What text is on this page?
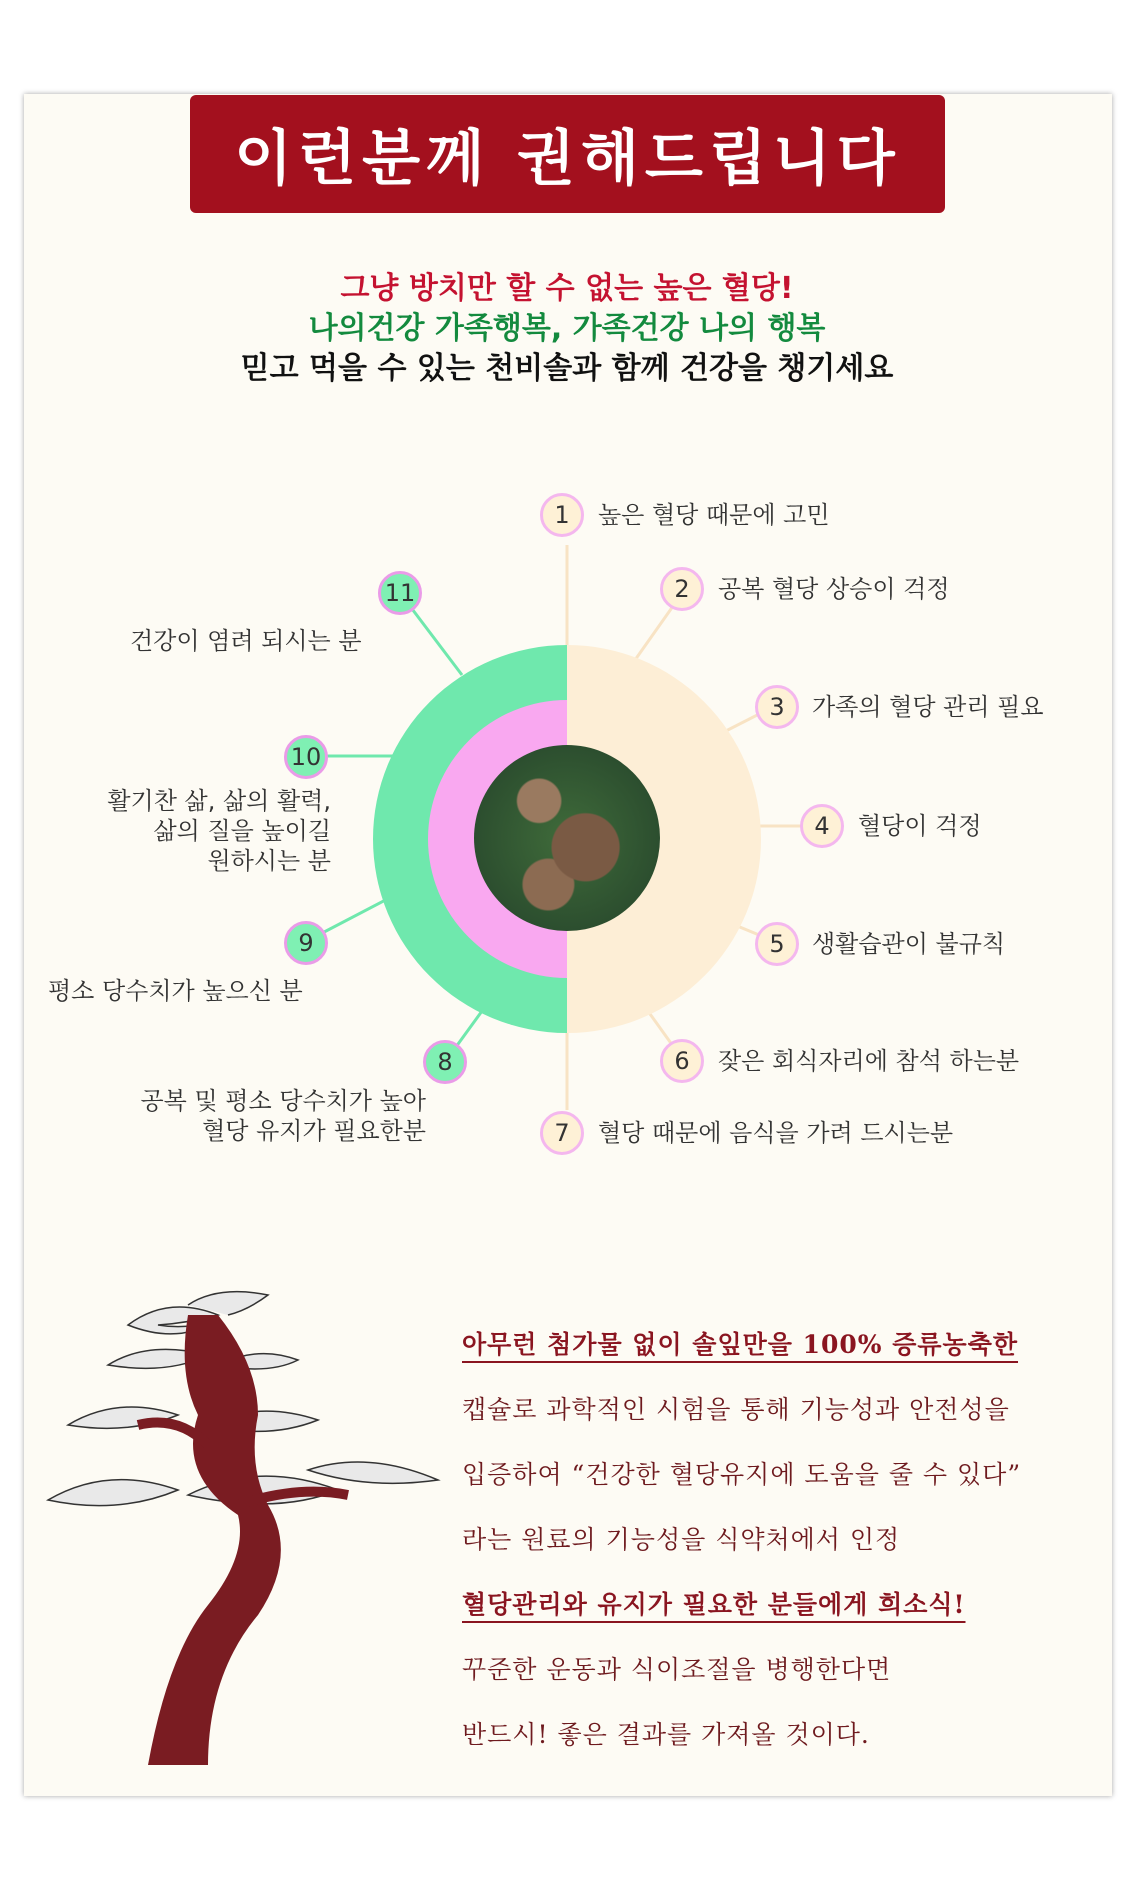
이런분께 권해드립니다
그냥 방치만 할 수 없는 높은 혈당!
나의건강 가족행복, 가족건강 나의 행복
믿고 먹을 수 있는 천비솔과 함께 건강을 챙기세요
1 높은 혈당 때문에 고민
2 공복 혈당 상승이 걱정
3 가족의 혈당 관리 필요
4 혈당이 걱정
5 생활습관이 불규칙
6 잦은 회식자리에 참석 하는분
7 혈당 때문에 음식을 가려 드시는분
8
공복 및 평소 당수치가 높아
혈당 유지가 필요한분
9
평소 당수치가 높으신 분
10
활기찬 삶, 삶의 활력,
삶의 질을 높이길
원하시는 분
11
건강이 염려 되시는 분
아무런 첨가물 없이 솔잎만을 100% 증류농축한
캡슐로 과학적인 시험을 통해 기능성과 안전성을
입증하여 “건강한 혈당유지에 도움을 줄 수 있다”
라는 원료의 기능성을 식약처에서 인정
혈당관리와 유지가 필요한 분들에게 희소식!
꾸준한 운동과 식이조절을 병행한다면
반드시! 좋은 결과를 가져올 것이다.
